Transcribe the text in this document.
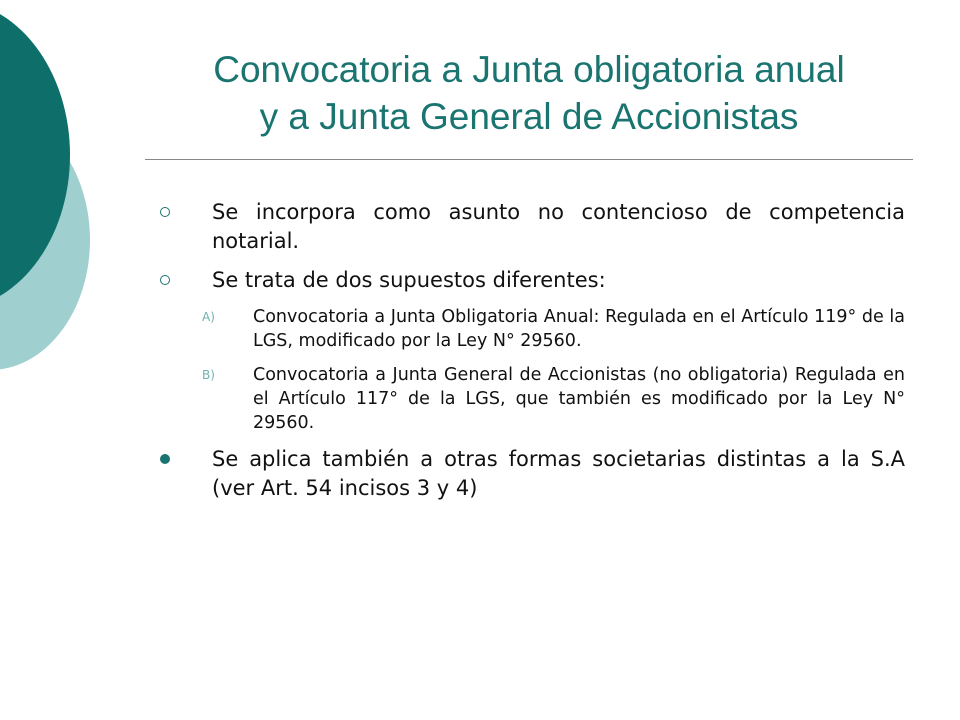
Convocatoria a Junta obligatoria anual
y a Junta General de Accionistas

Se incorpora como asunto no contencioso de competencia notarial.

Se trata de dos supuestos diferentes:

A) Convocatoria a Junta Obligatoria Anual: Regulada en el Artículo 119° de la LGS, modificado por la Ley N° 29560.

B) Convocatoria a Junta General de Accionistas (no obligatoria) Regulada en el Artículo 117° de la LGS, que también es modificado por la Ley N° 29560.

Se aplica también a otras formas societarias distintas a la S.A (ver Art. 54 incisos 3 y 4)
